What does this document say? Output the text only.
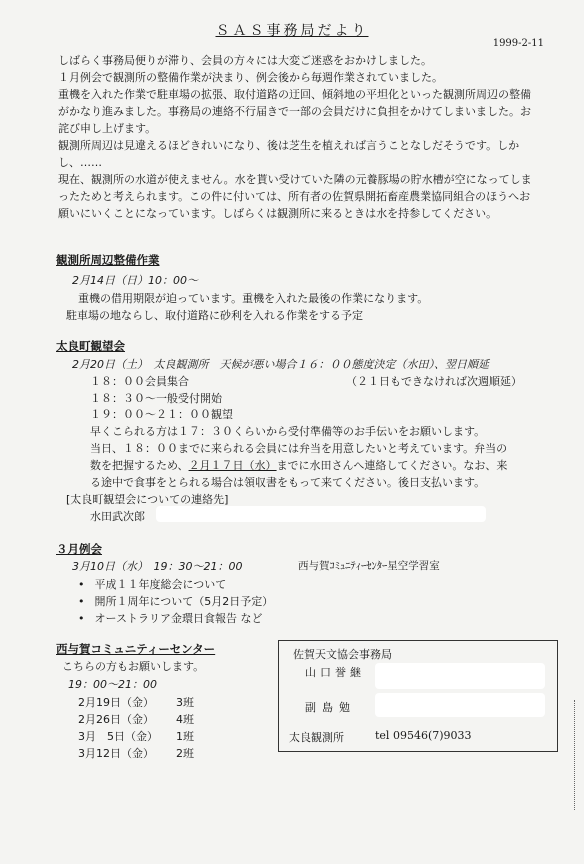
ＳＡＳ事務局だより
1999-2-11

しばらく事務局便りが滞り、会員の方々には大変ご迷惑をおかけしました。

１月例会で観測所の整備作業が決まり、例会後から毎週作業されていました。

重機を入れた作業で駐車場の拡張、取付道路の迂回、傾斜地の平坦化といった観測所周辺の整備がかなり進みました。事務局の連絡不行届きで一部の会員だけに負担をかけてしまいました。お詫び申し上げます。

観測所周辺は見違えるほどきれいになり、後は芝生を植えれば言うことなしだそうです。しかし、……

現在、観測所の水道が使えません。水を貰い受けていた隣の元養豚場の貯水槽が空になってしまったためと考えられます。この件に付いては、所有者の佐賀県開拓畜産農業協同組合のほうへお願いにいくことになっています。しばらくは観測所に来るときは水を持参してください。

観測所周辺整備作業
2月14日（日）10：00～
重機の借用期限が迫っています。重機を入れた最後の作業になります。
駐車場の地ならし、取付道路に砂利を入れる作業をする予定
太良町観望会
2月20日（土）　太良観測所　天候が悪い場合１６：００態度決定（水田）、翌日順延
（２１日もできなければ次週順延）
１８：００会員集合
１８：３０～一般受付開始
１９：００～２１：００観望
早くこられる方は１７：３０くらいから受付準備等のお手伝いをお願いします。
当日、１８：００までに来られる会員には弁当を用意したいと考えています。弁当の
数を把握するため、２月１７日（水）までに水田さんへ連絡してください。なお、来
る途中で食事をとられる場合は領収書をもって来てください。後日支払います。
[太良町観望会についての連絡先]
水田武次郎
３月例会
3月10日（水）　19：30～21：00	西与賀ｺﾐｭﾆﾃｨｰｾﾝﾀｰ星空学習室
• 平成１１年度総会について
• 開所１周年について（5月2日予定）
• オーストラリア金環日食報告 など
西与賀コミュニティーセンター
こちらの方もお願いします。
19：00～21：00
2月19日（金） 3班
2月26日（金） 4班
3月　5日（金） 1班
3月12日（金） 2班
佐賀天文協会事務局
山口誉継
副島勉
太良観測所	tel 09546(7)9033
